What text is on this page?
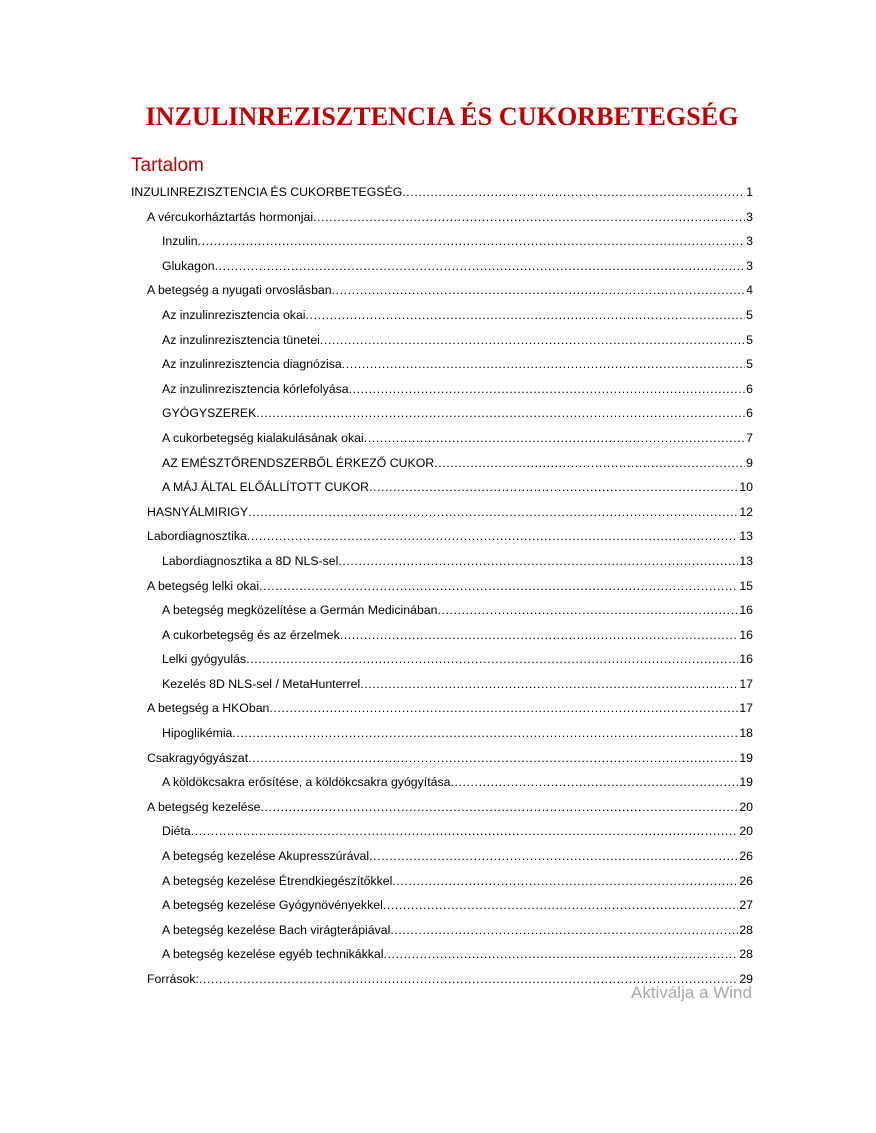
INZULINREZISZTENCIA ÉS CUKORBETEGSÉG
Tartalom
INZULINREZISZTENCIA ÉS CUKORBETEGSÉG .....	1
A vércukorháztartás hormonjai .....	3
Inzulin .....	3
Glukagon .....	3
A betegség a nyugati orvoslásban .....	4
Az inzulinrezisztencia okai .....	5
Az inzulinrezisztencia tünetei .....	5
Az inzulinrezisztencia diagnózisa .....	5
Az inzulinrezisztencia kórlefolyása .....	6
GYÓGYSZEREK .....	6
A cukorbetegség kialakulásának okai .....	7
AZ EMÉSZTŐRENDSZERBŐL ÉRKEZŐ CUKOR .....	9
A MÁJ ÁLTAL ELŐÁLLÍTOTT CUKOR .....	10
HASNYÁLMIRIGY .....	12
Labordiagnosztika .....	13
Labordiagnosztika a 8D NLS-sel .....	13
A betegség lelki okai .....	15
A betegség megközelítése a Germán Medicinában .....	16
A cukorbetegség és az érzelmek .....	16
Lelki gyógyulás .....	16
Kezelés 8D NLS-sel / MetaHunterrel .....	17
A betegség a HKOban .....	17
Hipoglikémia .....	18
Csakragyógyászat .....	19
A köldökcsakra erősítése, a köldökcsakra gyógyítása .....	19
A betegség kezelése .....	20
Diéta .....	20
A betegség kezelése Akupresszúrával .....	26
A betegség kezelése Étrendkiegészítőkkel .....	26
A betegség kezelése Gyógynövényekkel .....	27
A betegség kezelése Bach virágterápiával .....	28
A betegség kezelése egyéb technikákkal .....	28
Források: .....	29
Aktiválja a Wind
